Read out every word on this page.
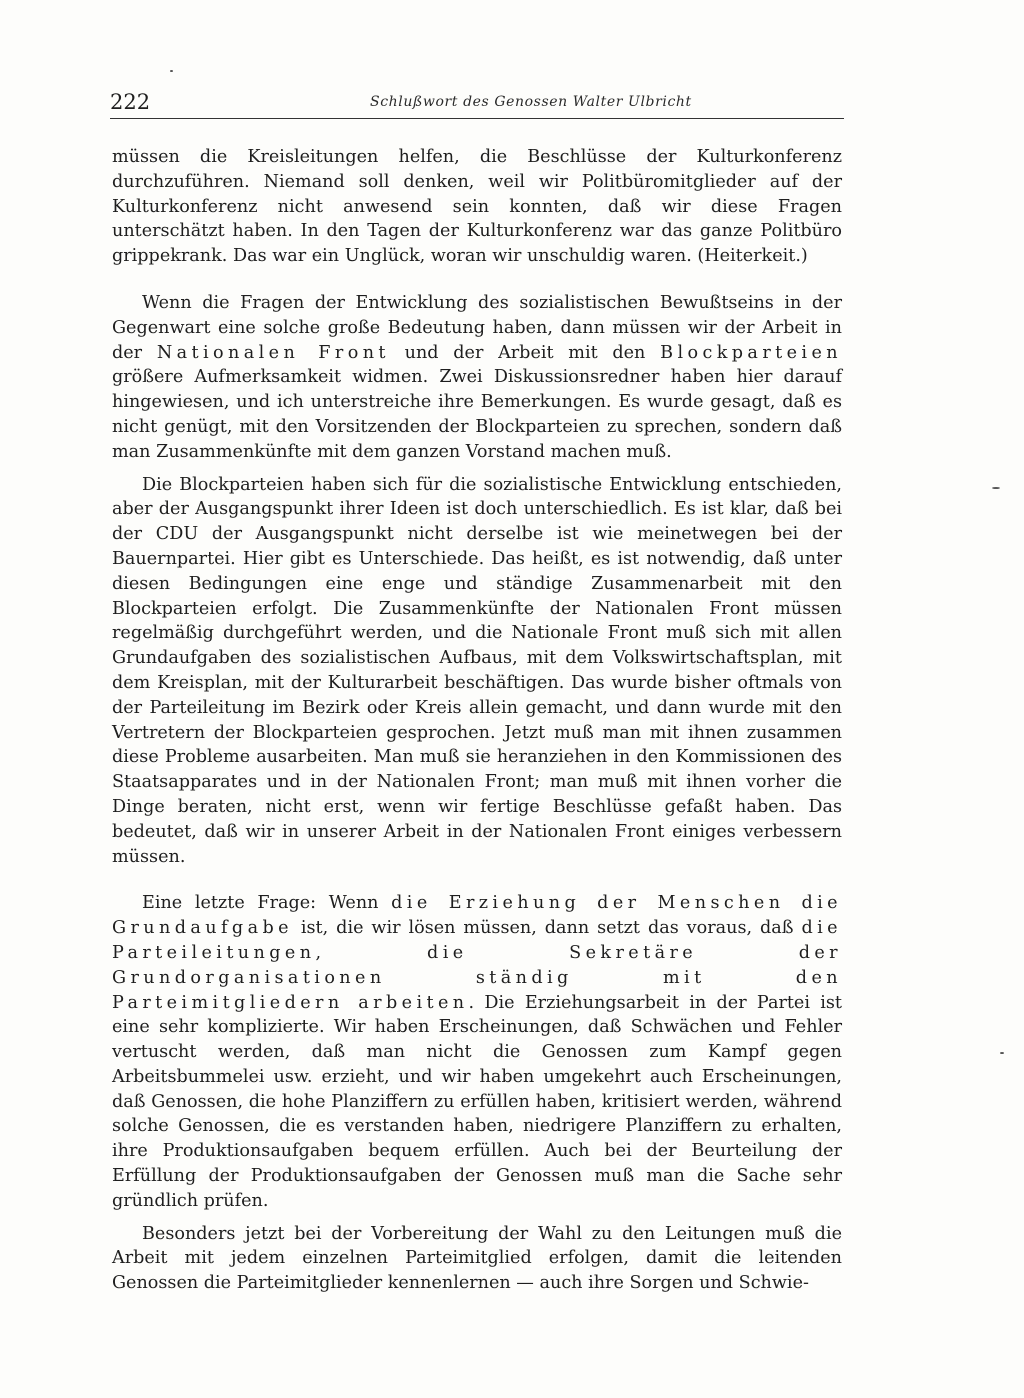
222	Schlußwort des Genossen Walter Ulbricht

müssen die Kreisleitungen helfen, die Beschlüsse der Kulturkonferenz durchzuführen. Niemand soll denken, weil wir Politbüromitglieder auf der Kulturkonferenz nicht anwesend sein konnten, daß wir diese Fragen unterschätzt haben. In den Tagen der Kulturkonferenz war das ganze Politbüro grippekrank. Das war ein Unglück, woran wir unschuldig waren. (Heiterkeit.)

Wenn die Fragen der Entwicklung des sozialistischen Bewußtseins in der Gegenwart eine solche große Bedeutung haben, dann müssen wir der Arbeit in der Nationalen Front und der Arbeit mit den Blockparteien größere Aufmerksamkeit widmen. Zwei Diskussionsredner haben hier darauf hingewiesen, und ich unterstreiche ihre Bemerkungen. Es wurde gesagt, daß es nicht genügt, mit den Vorsitzenden der Blockparteien zu sprechen, sondern daß man Zusammenkünfte mit dem ganzen Vorstand machen muß.

Die Blockparteien haben sich für die sozialistische Entwicklung entschieden, aber der Ausgangspunkt ihrer Ideen ist doch unterschiedlich. Es ist klar, daß bei der CDU der Ausgangspunkt nicht derselbe ist wie meinetwegen bei der Bauernpartei. Hier gibt es Unterschiede. Das heißt, es ist notwendig, daß unter diesen Bedingungen eine enge und ständige Zusammenarbeit mit den Blockparteien erfolgt. Die Zusammenkünfte der Nationalen Front müssen regelmäßig durchgeführt werden, und die Nationale Front muß sich mit allen Grundaufgaben des sozialistischen Aufbaus, mit dem Volkswirtschaftsplan, mit dem Kreisplan, mit der Kulturarbeit beschäftigen. Das wurde bisher oftmals von der Parteileitung im Bezirk oder Kreis allein gemacht, und dann wurde mit den Vertretern der Blockparteien gesprochen. Jetzt muß man mit ihnen zusammen diese Probleme ausarbeiten. Man muß sie heranziehen in den Kommissionen des Staatsapparates und in der Nationalen Front; man muß mit ihnen vorher die Dinge beraten, nicht erst, wenn wir fertige Beschlüsse gefaßt haben. Das bedeutet, daß wir in unserer Arbeit in der Nationalen Front einiges verbessern müssen.

Eine letzte Frage: Wenn die Erziehung der Menschen die Grundaufgabe ist, die wir lösen müssen, dann setzt das voraus, daß die Parteileitungen, die Sekretäre der Grundorganisationen ständig mit den Parteimitgliedern arbeiten. Die Erziehungsarbeit in der Partei ist eine sehr komplizierte. Wir haben Erscheinungen, daß Schwächen und Fehler vertuscht werden, daß man nicht die Genossen zum Kampf gegen Arbeitsbummelei usw. erzieht, und wir haben umgekehrt auch Erscheinungen, daß Genossen, die hohe Planziffern zu erfüllen haben, kritisiert werden, während solche Genossen, die es verstanden haben, niedrigere Planziffern zu erhalten, ihre Produktionsaufgaben bequem erfüllen. Auch bei der Beurteilung der Erfüllung der Produktionsaufgaben der Genossen muß man die Sache sehr gründlich prüfen.

Besonders jetzt bei der Vorbereitung der Wahl zu den Leitungen muß die Arbeit mit jedem einzelnen Parteimitglied erfolgen, damit die leitenden Genossen die Parteimitglieder kennenlernen — auch ihre Sorgen und Schwie-
